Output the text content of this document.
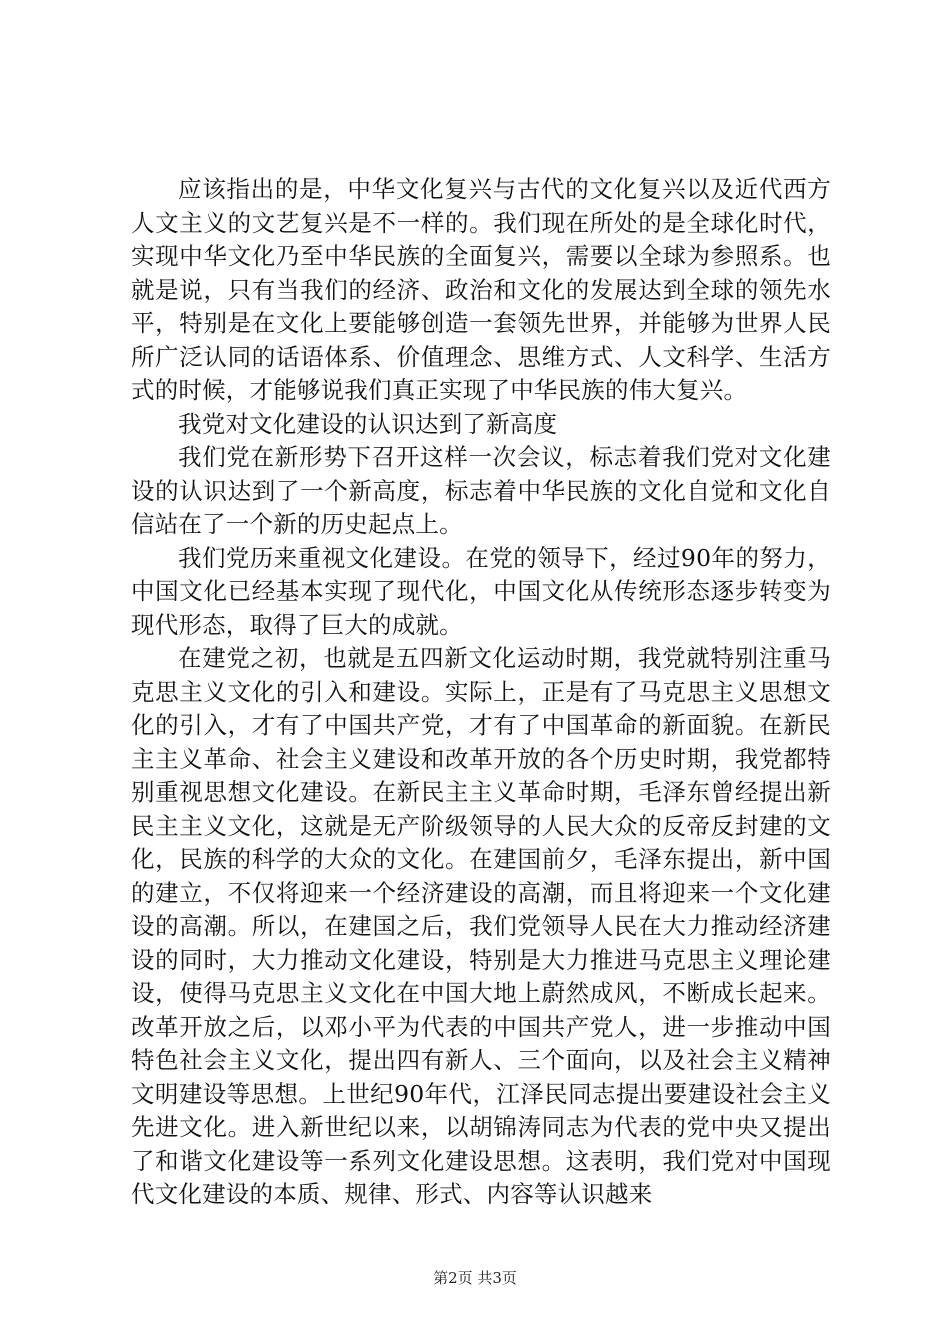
应该指出的是，中华文化复兴与古代的文化复兴以及近代西方人文主义的文艺复兴是不一样的。我们现在所处的是全球化时代，实现中华文化乃至中华民族的全面复兴，需要以全球为参照系。也就是说，只有当我们的经济、政治和文化的发展达到全球的领先水平，特别是在文化上要能够创造一套领先世界，并能够为世界人民所广泛认同的话语体系、价值理念、思维方式、人文科学、生活方式的时候，才能够说我们真正实现了中华民族的伟大复兴。

我党对文化建设的认识达到了新高度

我们党在新形势下召开这样一次会议，标志着我们党对文化建设的认识达到了一个新高度，标志着中华民族的文化自觉和文化自信站在了一个新的历史起点上。

我们党历来重视文化建设。在党的领导下，经过90年的努力，中国文化已经基本实现了现代化，中国文化从传统形态逐步转变为现代形态，取得了巨大的成就。

在建党之初，也就是五四新文化运动时期，我党就特别注重马克思主义文化的引入和建设。实际上，正是有了马克思主义思想文化的引入，才有了中国共产党，才有了中国革命的新面貌。在新民主主义革命、社会主义建设和改革开放的各个历史时期，我党都特别重视思想文化建设。在新民主主义革命时期，毛泽东曾经提出新民主主义文化，这就是无产阶级领导的人民大众的反帝反封建的文化，民族的科学的大众的文化。在建国前夕，毛泽东提出，新中国的建立，不仅将迎来一个经济建设的高潮，而且将迎来一个文化建设的高潮。所以，在建国之后，我们党领导人民在大力推动经济建设的同时，大力推动文化建设，特别是大力推进马克思主义理论建设，使得马克思主义文化在中国大地上蔚然成风，不断成长起来。改革开放之后，以邓小平为代表的中国共产党人，进一步推动中国特色社会主义文化，提出四有新人、三个面向，以及社会主义精神文明建设等思想。上世纪90年代，江泽民同志提出要建设社会主义先进文化。进入新世纪以来，以胡锦涛同志为代表的党中央又提出了和谐文化建设等一系列文化建设思想。这表明，我们党对中国现代文化建设的本质、规律、形式、内容等认识越来

第2页 共3页
